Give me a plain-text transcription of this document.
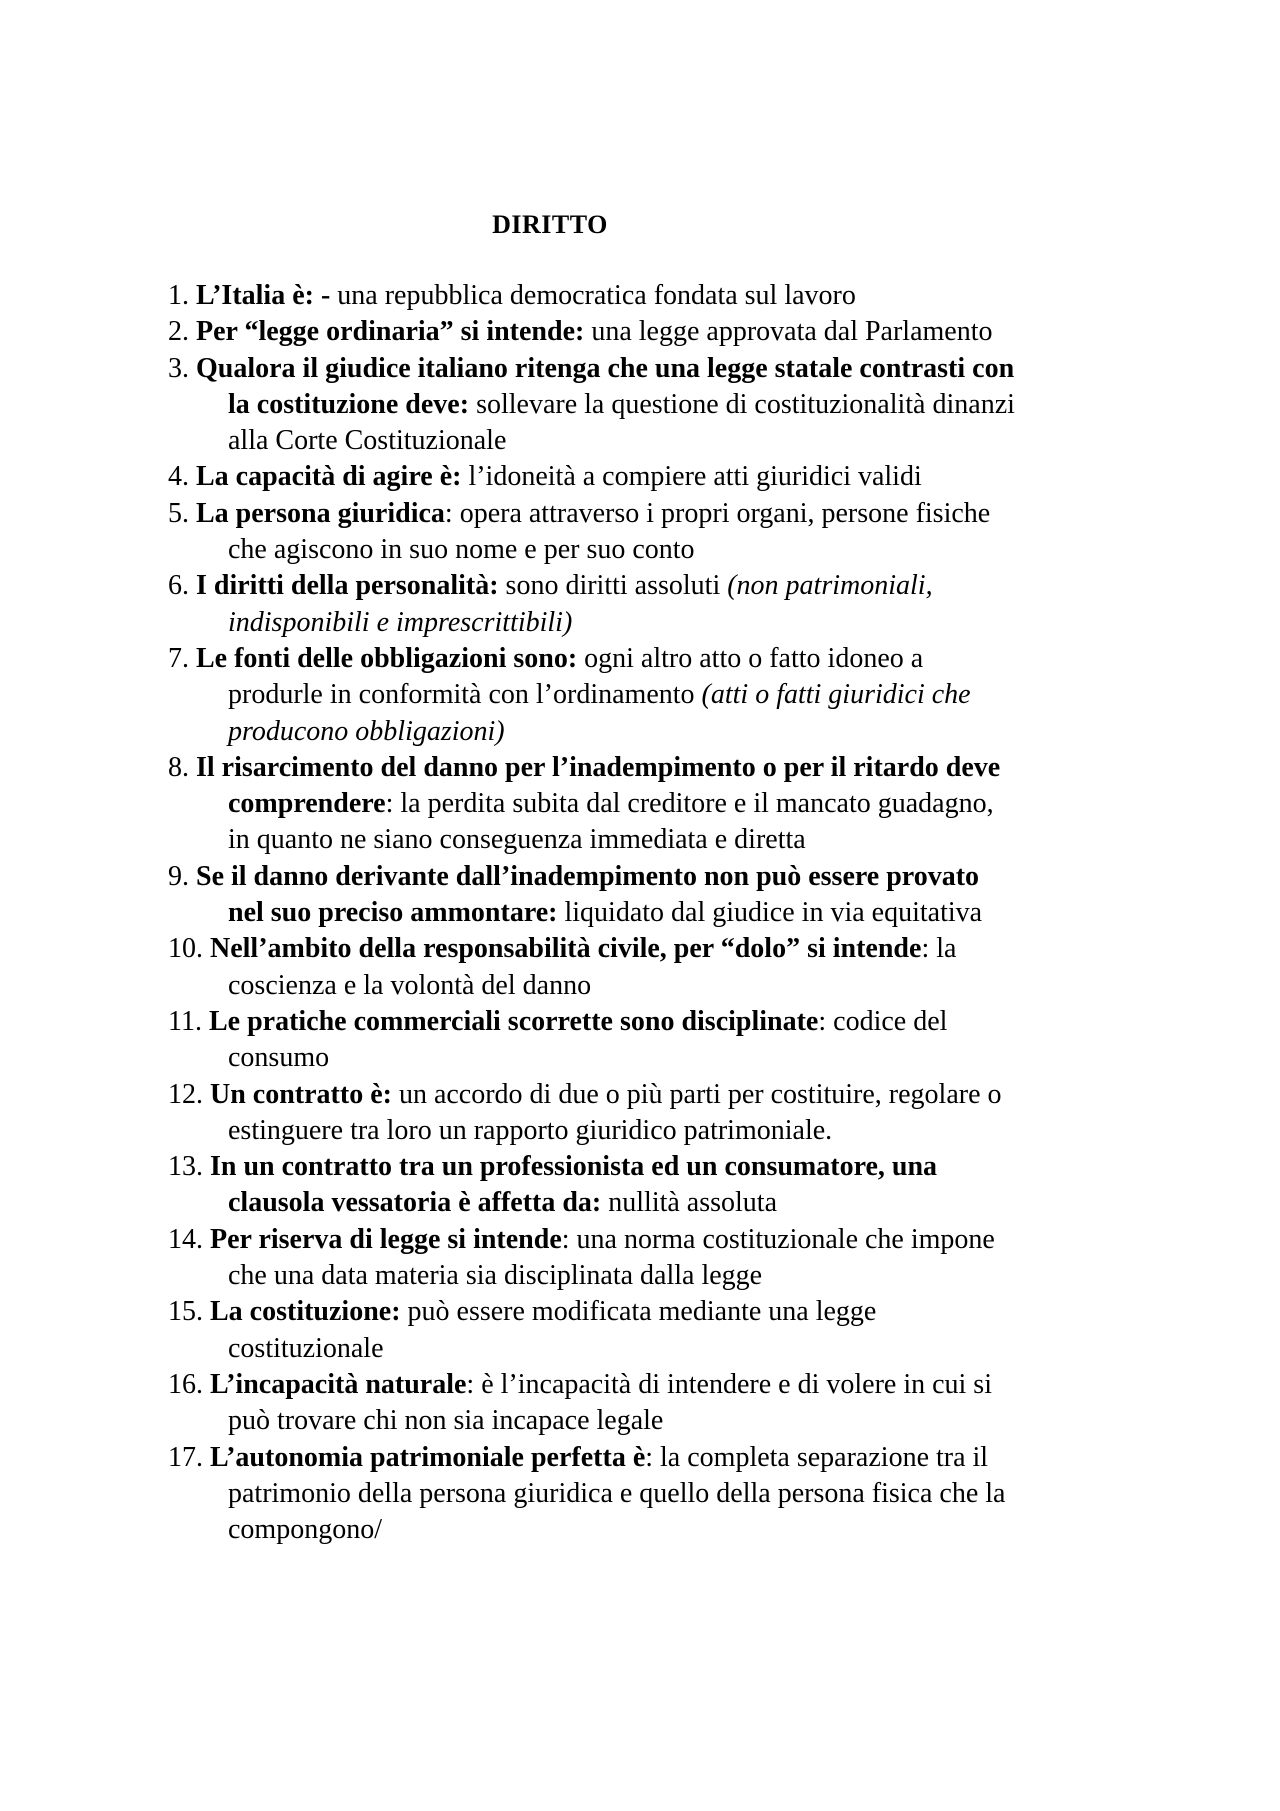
DIRITTO
1. L’Italia è: - una repubblica democratica fondata sul lavoro
2. Per “legge ordinaria” si intende: una legge approvata dal Parlamento
3. Qualora il giudice italiano ritenga che una legge statale contrasti con la costituzione deve: sollevare la questione di costituzionalità dinanzi alla Corte Costituzionale
4. La capacità di agire è: l’idoneità a compiere atti giuridici validi
5. La persona giuridica: opera attraverso i propri organi, persone fisiche che agiscono in suo nome e per suo conto
6. I diritti della personalità: sono diritti assoluti (non patrimoniali, indisponibili e imprescrittibili)
7. Le fonti delle obbligazioni sono: ogni altro atto o fatto idoneo a produrle in conformità con l’ordinamento (atti o fatti giuridici che producono obbligazioni)
8. Il risarcimento del danno per l’inadempimento o per il ritardo deve comprendere: la perdita subita dal creditore e il mancato guadagno, in quanto ne siano conseguenza immediata e diretta
9. Se il danno derivante dall’inadempimento non può essere provato nel suo preciso ammontare: liquidato dal giudice in via equitativa
10. Nell’ambito della responsabilità civile, per “dolo” si intende: la coscienza e la volontà del danno
11. Le pratiche commerciali scorrette sono disciplinate: codice del consumo
12. Un contratto è: un accordo di due o più parti per costituire, regolare o estinguere tra loro un rapporto giuridico patrimoniale.
13. In un contratto tra un professionista ed un consumatore, una clausola vessatoria è affetta da: nullità assoluta
14. Per riserva di legge si intende: una norma costituzionale che impone che una data materia sia disciplinata dalla legge
15. La costituzione: può essere modificata mediante una legge costituzionale
16. L’incapacità naturale: è l’incapacità di intendere e di volere in cui si può trovare chi non sia incapace legale
17. L’autonomia patrimoniale perfetta è: la completa separazione tra il patrimonio della persona giuridica e quello della persona fisica che la compongono/
